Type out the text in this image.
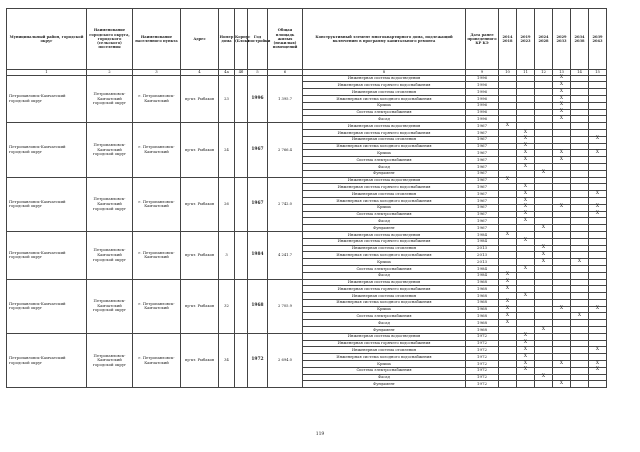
Муниципальный район, городской округ	Наименование городского округа, городского (сельского) поселения	Наименование населенного пункта	Адрес	Номер дома	Корпус (Блок)	Год постройки	Общая площадь жилых (нежилых) помещений	Конструктивный элемент многоквартирного дома, подлежащий включению в программу капитального ремонта	Дата ранее проведенного КР КЭ	2014 2018	2019 2023	2024 2028	2029 2033	2034 2038	2039 2043
1	2	3	4	4а	4б	5	6	8	9	10	11	12	13	14	15
Петропавловск-Камчатский городской округ	Петропавловск-Камчатский городской округ	г. Петропавловск-Камчатский	пр-кт. Рыбаков	23		1996	1 395.7	Инженерная система водоотведения	1996				X		
								Инженерная система горячего водоснабжения	1996				X		
								Инженерная система отопления	1996				X		
								Инженерная система холодного водоснабжения	1996				X		
								Крыша	1996				X		
								Система электроснабжения	1996				X		
								Фасад	1996				X		
Петропавловск-Камчатский городской округ	Петропавловск-Камчатский городской округ	г. Петропавловск-Камчатский	пр-кт. Рыбаков	24		1967	2 766.4	Инженерная система водоотведения	1967	X					
								Инженерная система горячего водоснабжения	1967		X				
								Инженерная система отопления	1967		X				X
								Инженерная система холодного водоснабжения	1967		X				
								Крыша	1967		X		X		X
								Система электроснабжения	1967		X		X		
								Фасад	1967		X				
								Фундамент	1967			X			
Петропавловск-Камчатский городской округ	Петропавловск-Камчатский городской округ	г. Петропавловск-Камчатский	пр-кт. Рыбаков	26		1967	2 742.0	Инженерная система водоотведения	1967	X					
								Инженерная система горячего водоснабжения	1967		X				
								Инженерная система отопления	1967		X				X
								Инженерная система холодного водоснабжения	1967		X				
								Крыша	1967		X		X		X
								Система электроснабжения	1967		X				X
								Фасад	1967		X				
								Фундамент	1967			X			
Петропавловск-Камчатский городской округ	Петропавловск-Камчатский городской округ	г. Петропавловск-Камчатский	пр-кт. Рыбаков	3		1984	4 241.7	Инженерная система водоотведения	1984	X					
								Инженерная система горячего водоснабжения	1984		X				
								Инженерная система отопления	2013			X			
								Инженерная система холодного водоснабжения	2013			X			
								Крыша	2013			X		X	
								Система электроснабжения	1984		X				
								Фасад	1984	X					
Петропавловск-Камчатский городской округ	Петропавловск-Камчатский городской округ	г. Петропавловск-Камчатский	пр-кт. Рыбаков	32		1968	2 705.9	Инженерная система водоотведения	1968	X					
								Инженерная система горячего водоснабжения	1968	X					
								Инженерная система отопления	1968		X				
								Инженерная система холодного водоснабжения	1968	X					
								Крыша	1968	X			X		X
								Система электроснабжения	1968	X				X	
								Фасад	1968	X					
								Фундамент	1968			X			
Петропавловск-Камчатский городской округ	Петропавловск-Камчатский городской округ	г. Петропавловск-Камчатский	пр-кт. Рыбаков	34		1972	2 694.0	Инженерная система водоотведения	1972		X				
								Инженерная система горячего водоснабжения	1972		X				
								Инженерная система отопления	1972		X				X
								Инженерная система холодного водоснабжения	1972		X				
								Крыша	1972		X		X		X
								Система электроснабжения	1972		X				X
								Фасад	1972			X			
								Фундамент	1972				X		
119
